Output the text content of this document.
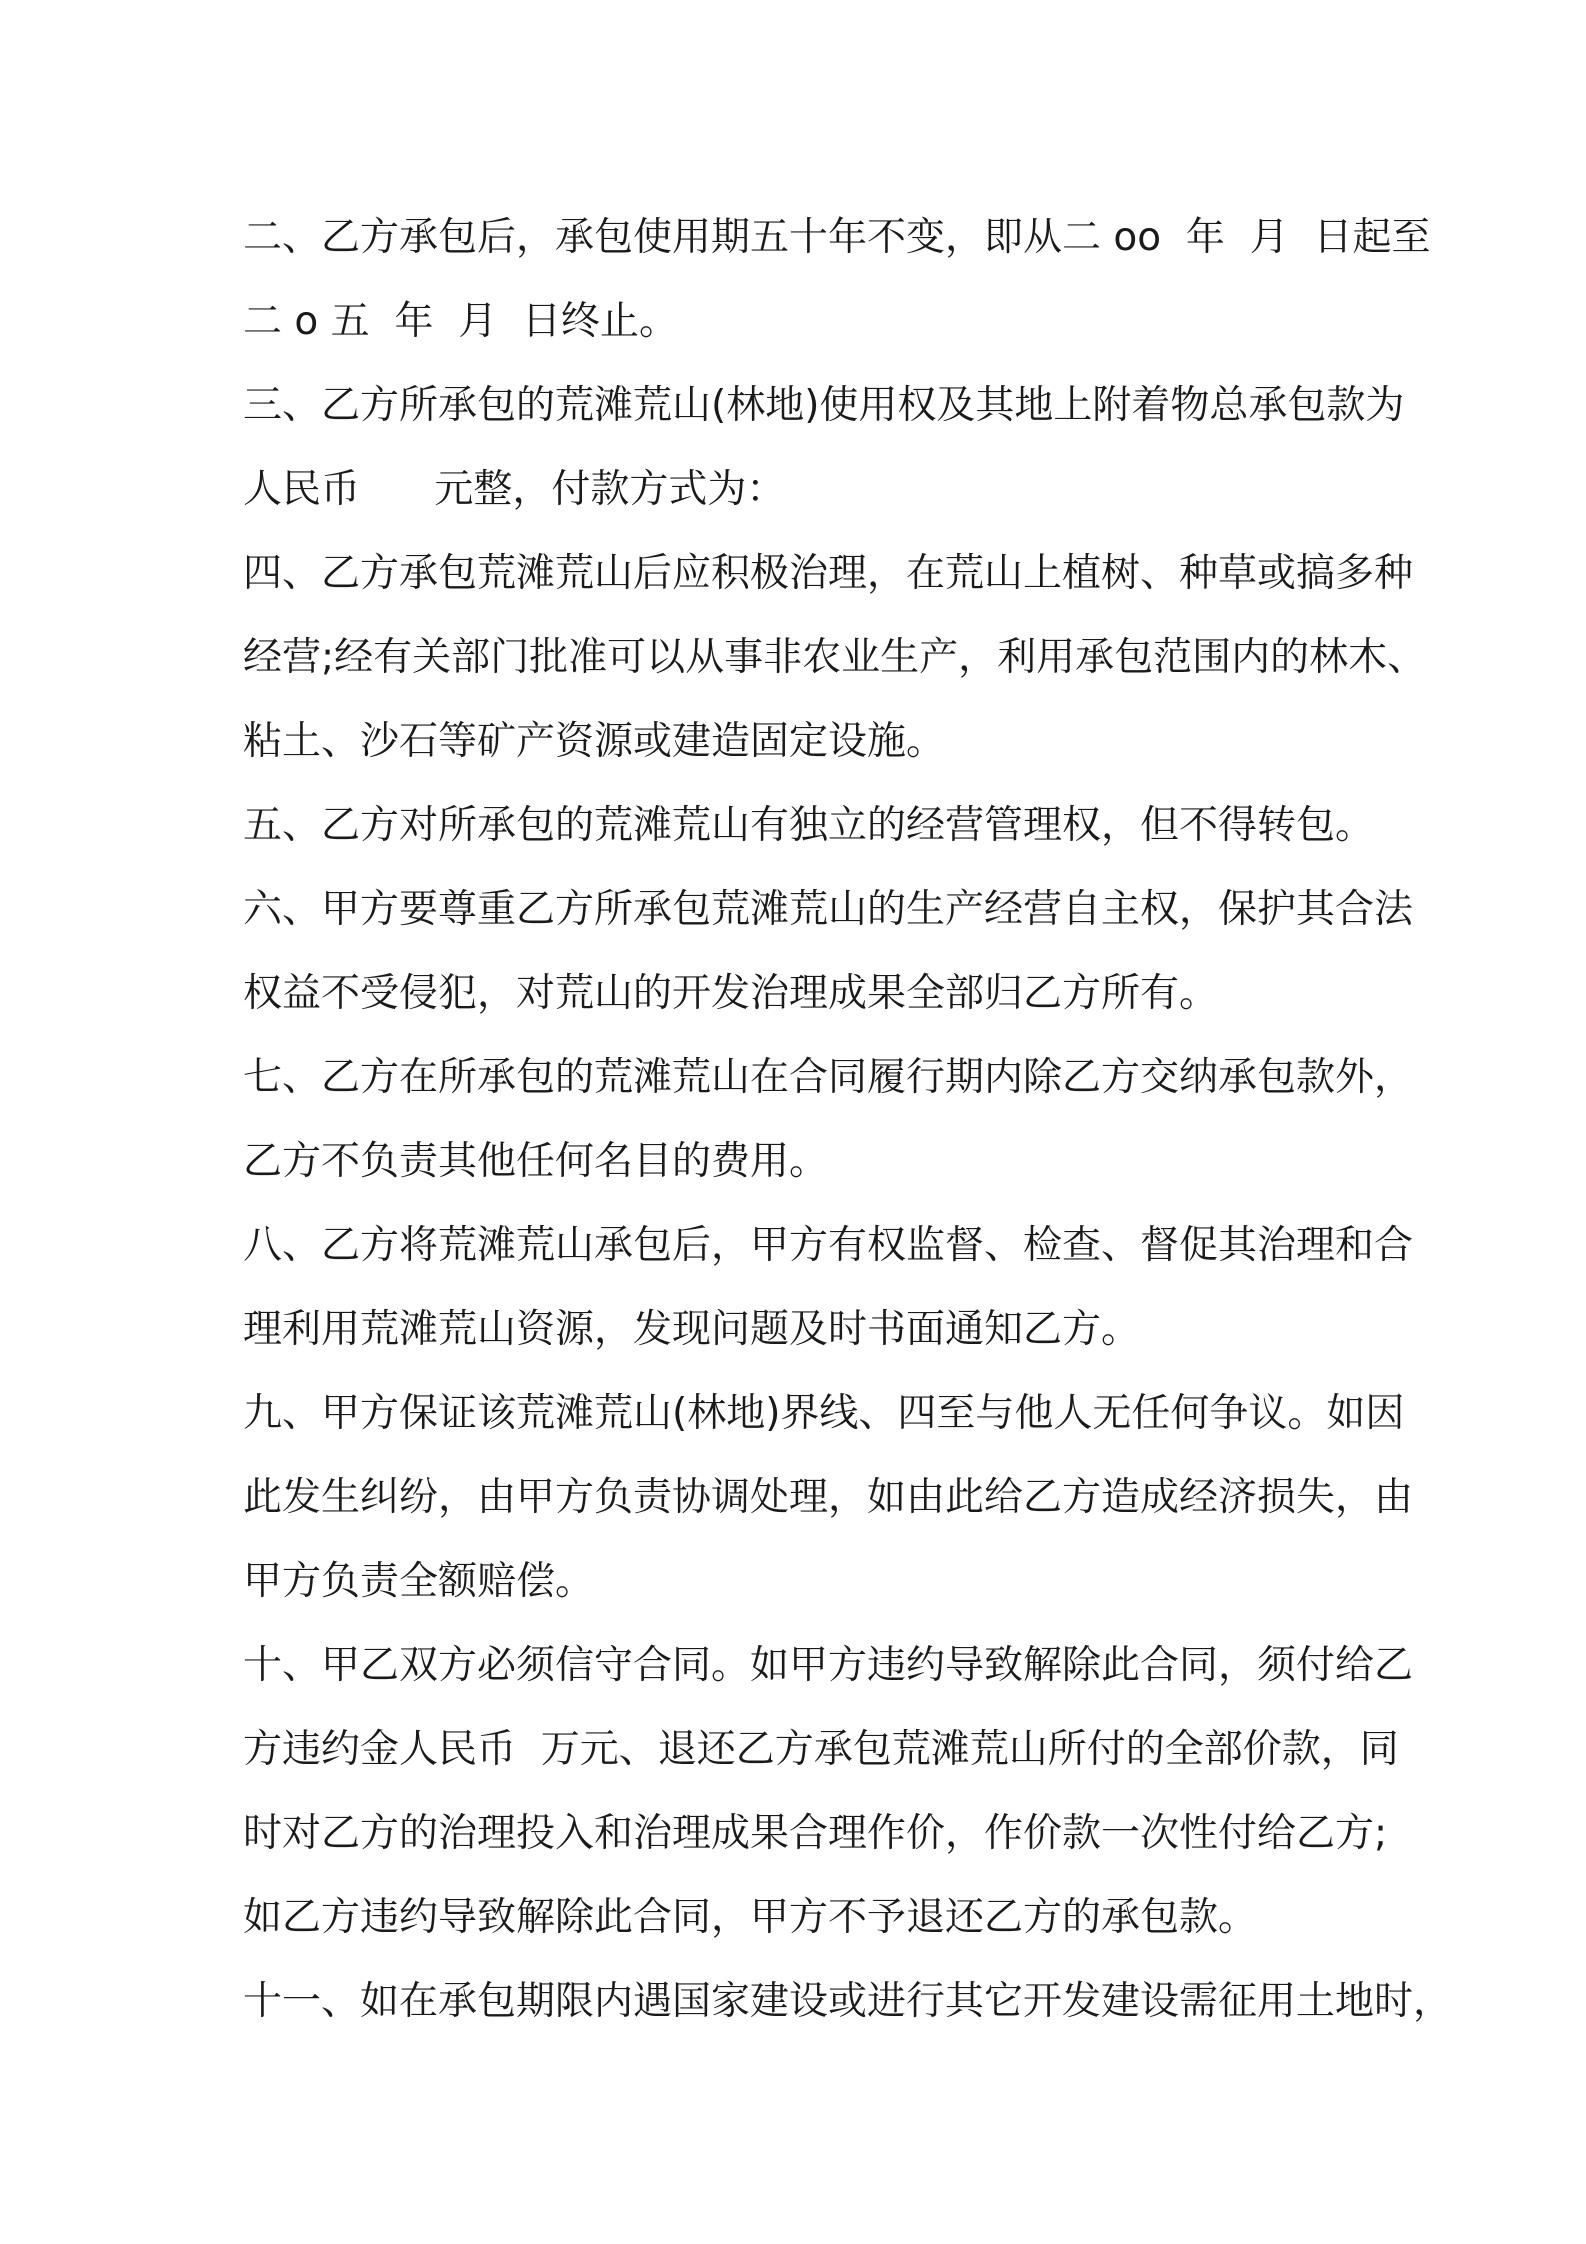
二、乙方承包后，承包使用期五十年不变，即从二 oo  年  月  日起至
二 o 五  年  月  日终止。
三、乙方所承包的荒滩荒山(林地)使用权及其地上附着物总承包款为
人民币      元整，付款方式为：
四、乙方承包荒滩荒山后应积极治理，在荒山上植树、种草或搞多种
经营;经有关部门批准可以从事非农业生产，利用承包范围内的林木、
粘土、沙石等矿产资源或建造固定设施。
五、乙方对所承包的荒滩荒山有独立的经营管理权，但不得转包。
六、甲方要尊重乙方所承包荒滩荒山的生产经营自主权，保护其合法
权益不受侵犯，对荒山的开发治理成果全部归乙方所有。
七、乙方在所承包的荒滩荒山在合同履行期内除乙方交纳承包款外，
乙方不负责其他任何名目的费用。
八、乙方将荒滩荒山承包后，甲方有权监督、检查、督促其治理和合
理利用荒滩荒山资源，发现问题及时书面通知乙方。
九、甲方保证该荒滩荒山(林地)界线、四至与他人无任何争议。如因
此发生纠纷，由甲方负责协调处理，如由此给乙方造成经济损失，由
甲方负责全额赔偿。
十、甲乙双方必须信守合同。如甲方违约导致解除此合同，须付给乙
方违约金人民币  万元、退还乙方承包荒滩荒山所付的全部价款，同
时对乙方的治理投入和治理成果合理作价，作价款一次性付给乙方;
如乙方违约导致解除此合同，甲方不予退还乙方的承包款。
十一、如在承包期限内遇国家建设或进行其它开发建设需征用土地时，
